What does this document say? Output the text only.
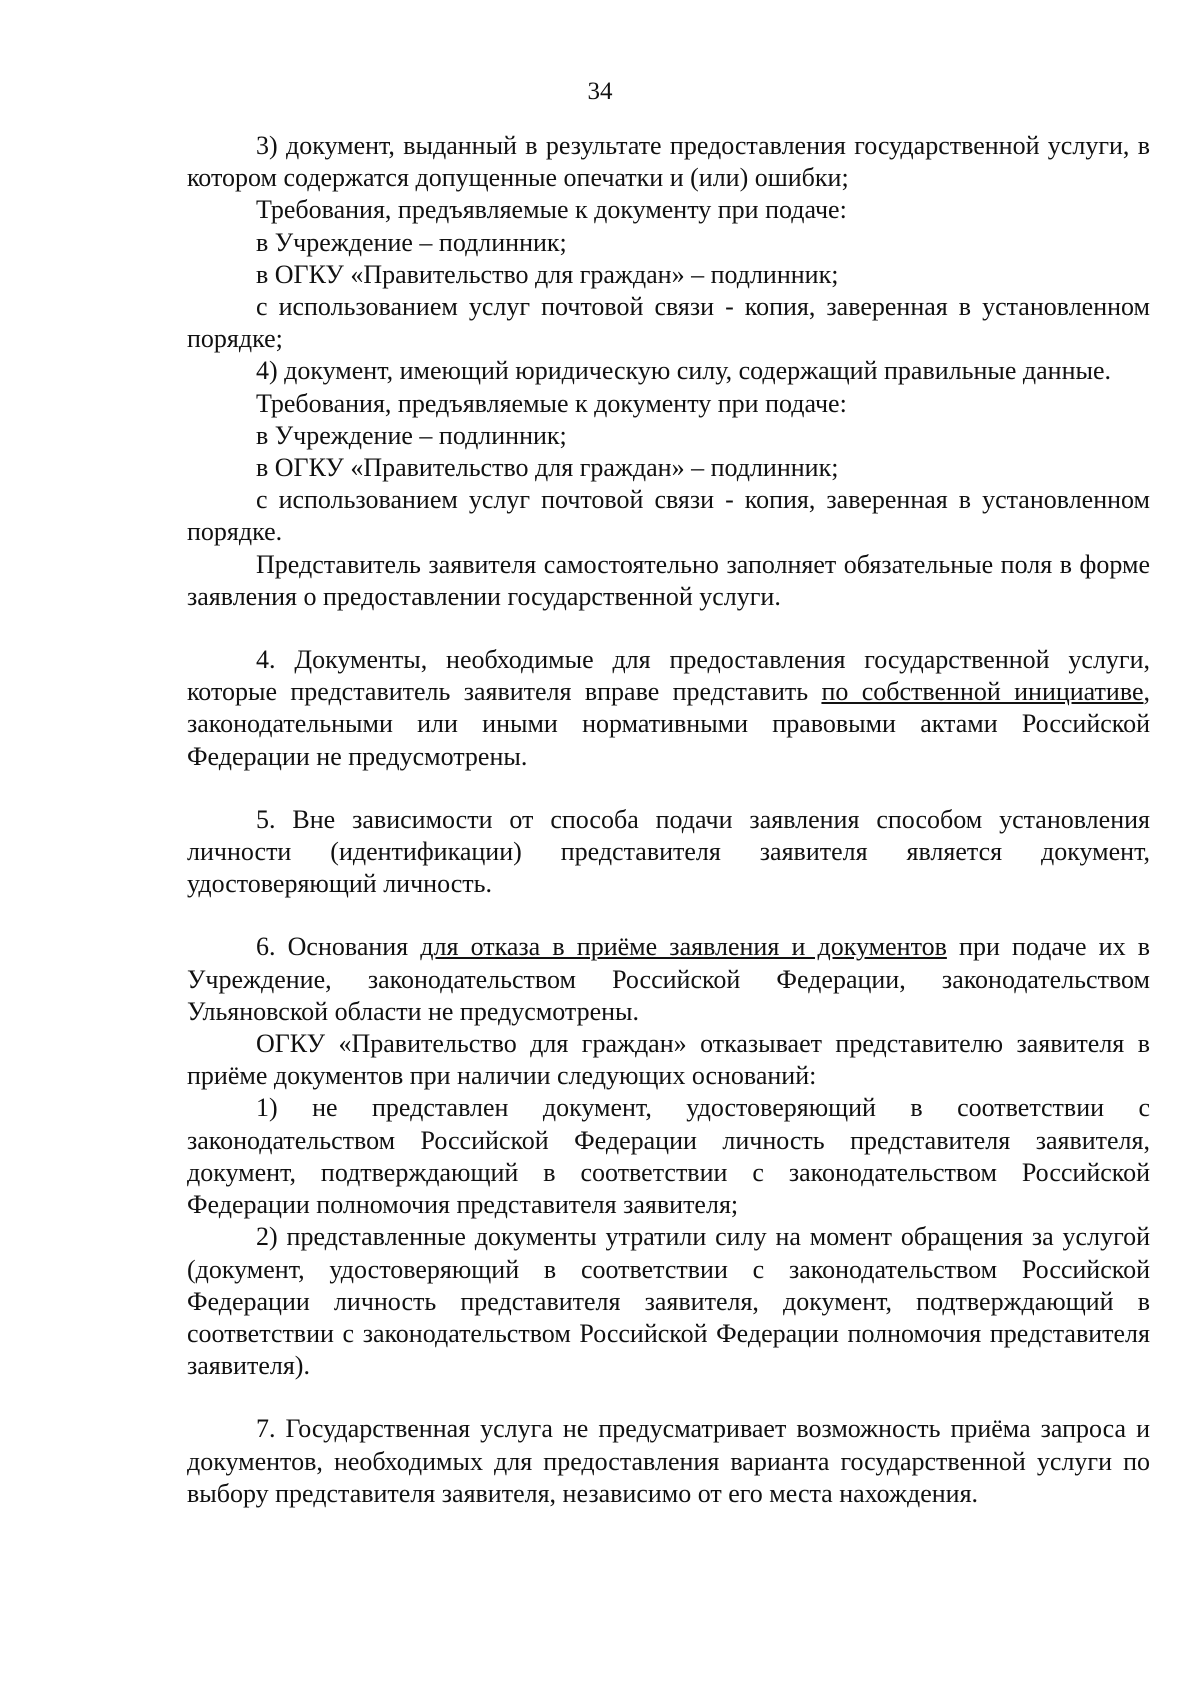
34

3) документ, выданный в результате предоставления государственной услуги, в котором содержатся допущенные опечатки и (или) ошибки;

Требования, предъявляемые к документу при подаче:

в Учреждение – подлинник;

в ОГКУ «Правительство для граждан» – подлинник;

с использованием услуг почтовой связи - копия, заверенная в установленном порядке;

4) документ, имеющий юридическую силу, содержащий правильные данные.

Требования, предъявляемые к документу при подаче:

в Учреждение – подлинник;

в ОГКУ «Правительство для граждан» – подлинник;

с использованием услуг почтовой связи - копия, заверенная в установленном порядке.

Представитель заявителя самостоятельно заполняет обязательные поля в форме заявления о предоставлении государственной услуги.

4. Документы, необходимые для предоставления государственной услуги, которые представитель заявителя вправе представить по собственной инициативе, законодательными или иными нормативными правовыми актами Российской Федерации не предусмотрены.

5. Вне зависимости от способа подачи заявления способом установления личности (идентификации) представителя заявителя является документ, удостоверяющий личность.

6. Основания для отказа в приёме заявления и документов при подаче их в Учреждение, законодательством Российской Федерации, законодательством Ульяновской области не предусмотрены.

ОГКУ «Правительство для граждан» отказывает представителю заявителя в приёме документов при наличии следующих оснований:

1) не представлен документ, удостоверяющий в соответствии с законодательством Российской Федерации личность представителя заявителя, документ, подтверждающий в соответствии с законодательством Российской Федерации полномочия представителя заявителя;

2) представленные документы утратили силу на момент обращения за услугой (документ, удостоверяющий в соответствии с законодательством Российской Федерации личность представителя заявителя, документ, подтверждающий в соответствии с законодательством Российской Федерации полномочия представителя заявителя).

7. Государственная услуга не предусматривает возможность приёма запроса и документов, необходимых для предоставления варианта государственной услуги по выбору представителя заявителя, независимо от его места нахождения.
